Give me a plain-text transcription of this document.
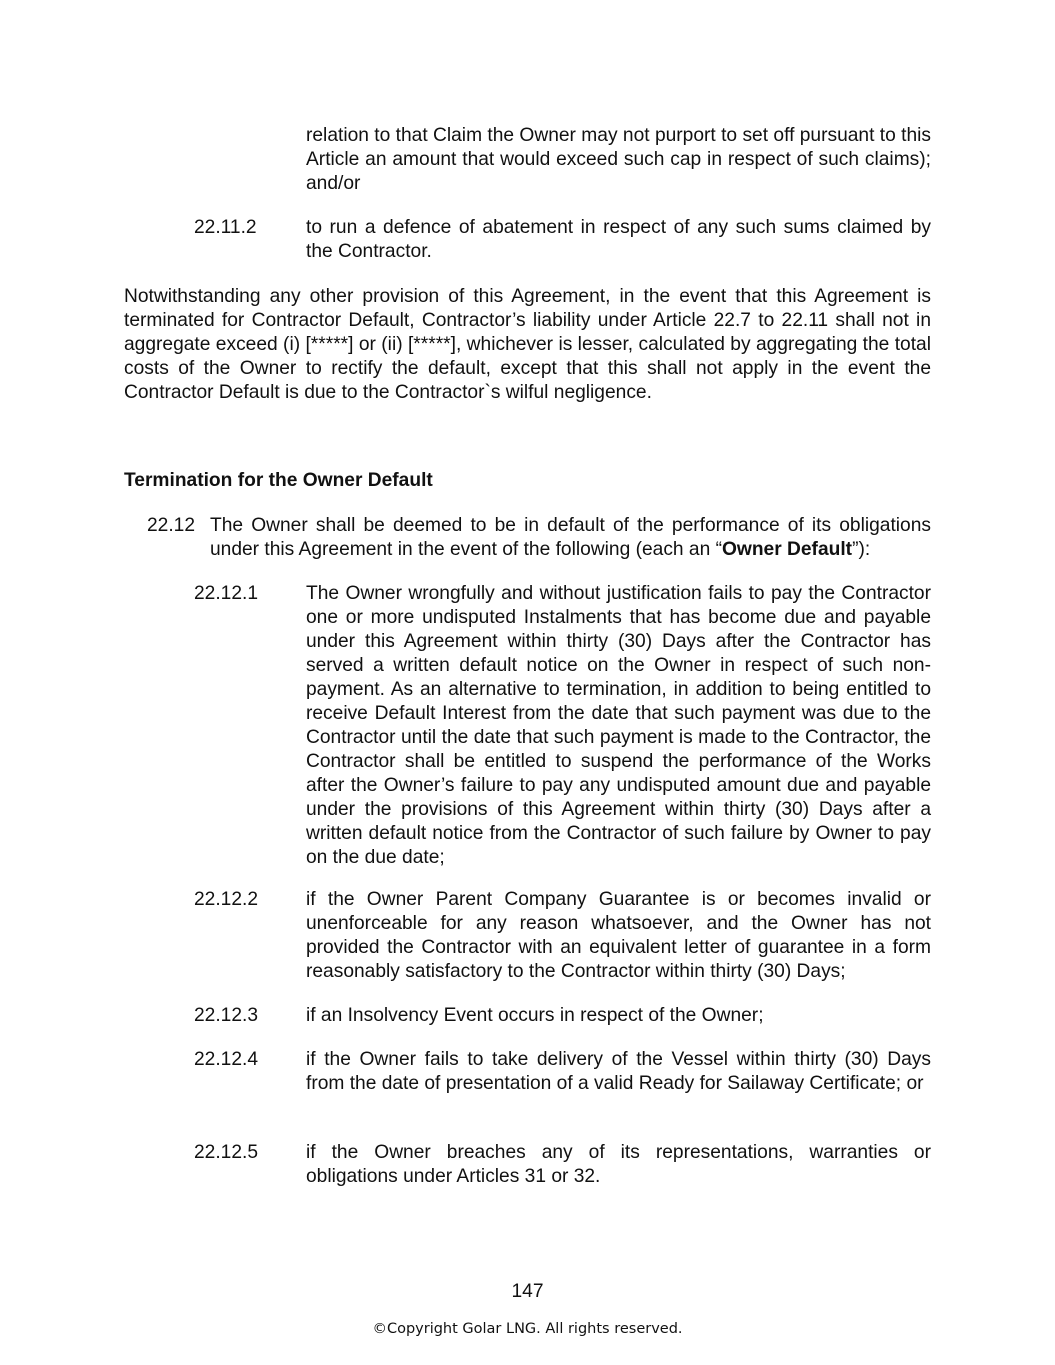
relation to that Claim the Owner may not purport to set off pursuant to this Article an amount that would exceed such cap in respect of such claims); and/or
22.11.2	to run a defence of abatement in respect of any such sums claimed by the Contractor.
Notwithstanding any other provision of this Agreement, in the event that this Agreement is terminated for Contractor Default, Contractor’s liability under Article 22.7 to 22.11 shall not in aggregate exceed (i) [*****] or (ii) [*****], whichever is lesser, calculated by aggregating the total costs of the Owner to rectify the default, except that this shall not apply in the event the Contractor Default is due to the Contractor`s wilful negligence.
Termination for the Owner Default
22.12 The Owner shall be deemed to be in default of the performance of its obligations under this Agreement in the event of the following (each an “Owner Default”):
22.12.1 The Owner wrongfully and without justification fails to pay the Contractor one or more undisputed Instalments that has become due and payable under this Agreement within thirty (30) Days after the Contractor has served a written default notice on the Owner in respect of such non-payment. As an alternative to termination, in addition to being entitled to receive Default Interest from the date that such payment was due to the Contractor until the date that such payment is made to the Contractor, the Contractor shall be entitled to suspend the performance of the Works after the Owner’s failure to pay any undisputed amount due and payable under the provisions of this Agreement within thirty (30) Days after a written default notice from the Contractor of such failure by Owner to pay on the due date;
22.12.2 if the Owner Parent Company Guarantee is or becomes invalid or unenforceable for any reason whatsoever, and the Owner has not provided the Contractor with an equivalent letter of guarantee in a form reasonably satisfactory to the Contractor within thirty (30) Days;
22.12.3 if an Insolvency Event occurs in respect of the Owner;
22.12.4 if the Owner fails to take delivery of the Vessel within thirty (30) Days from the date of presentation of a valid Ready for Sailaway Certificate; or
22.12.5 if the Owner breaches any of its representations, warranties or obligations under Articles 31 or 32.
147
©Copyright Golar LNG. All rights reserved.
